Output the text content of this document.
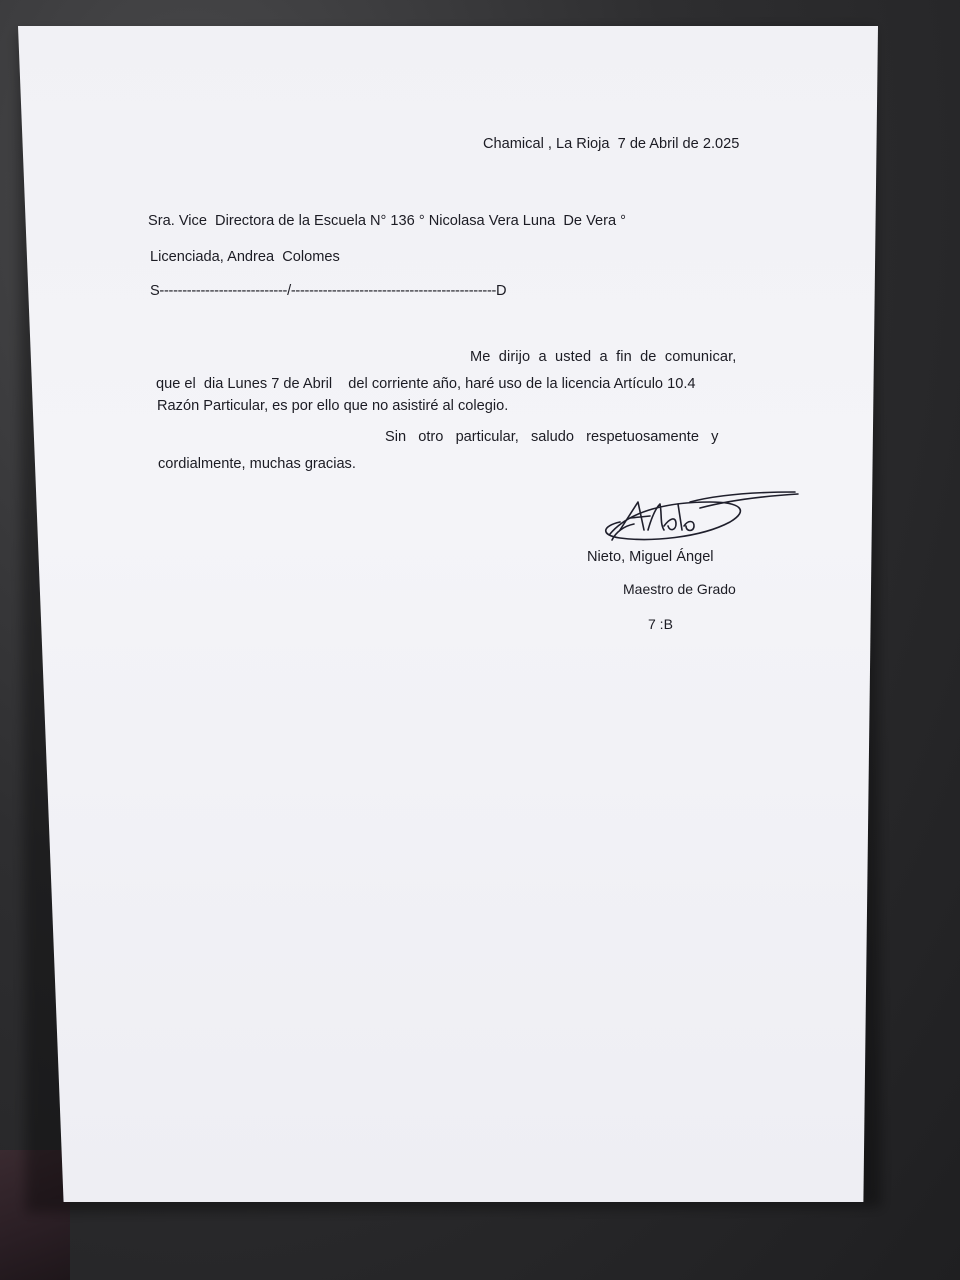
Chamical , La Rioja  7 de Abril de 2.025
Sra. Vice  Directora de la Escuela N° 136 ° Nicolasa Vera Luna  De Vera °
Licenciada, Andrea  Colomes
S----------------------------/---------------------------------------------D
Me  dirijo  a  usted  a  fin  de  comunicar,
que el  dia Lunes 7 de Abril    del corriente año, haré uso de la licencia Artículo 10.4
Razón Particular, es por ello que no asistiré al colegio.
Sin   otro   particular,   saludo   respetuosamente   y
cordialmente, muchas gracias.
Nieto, Miguel Ángel
Maestro de Grado
7 :B
